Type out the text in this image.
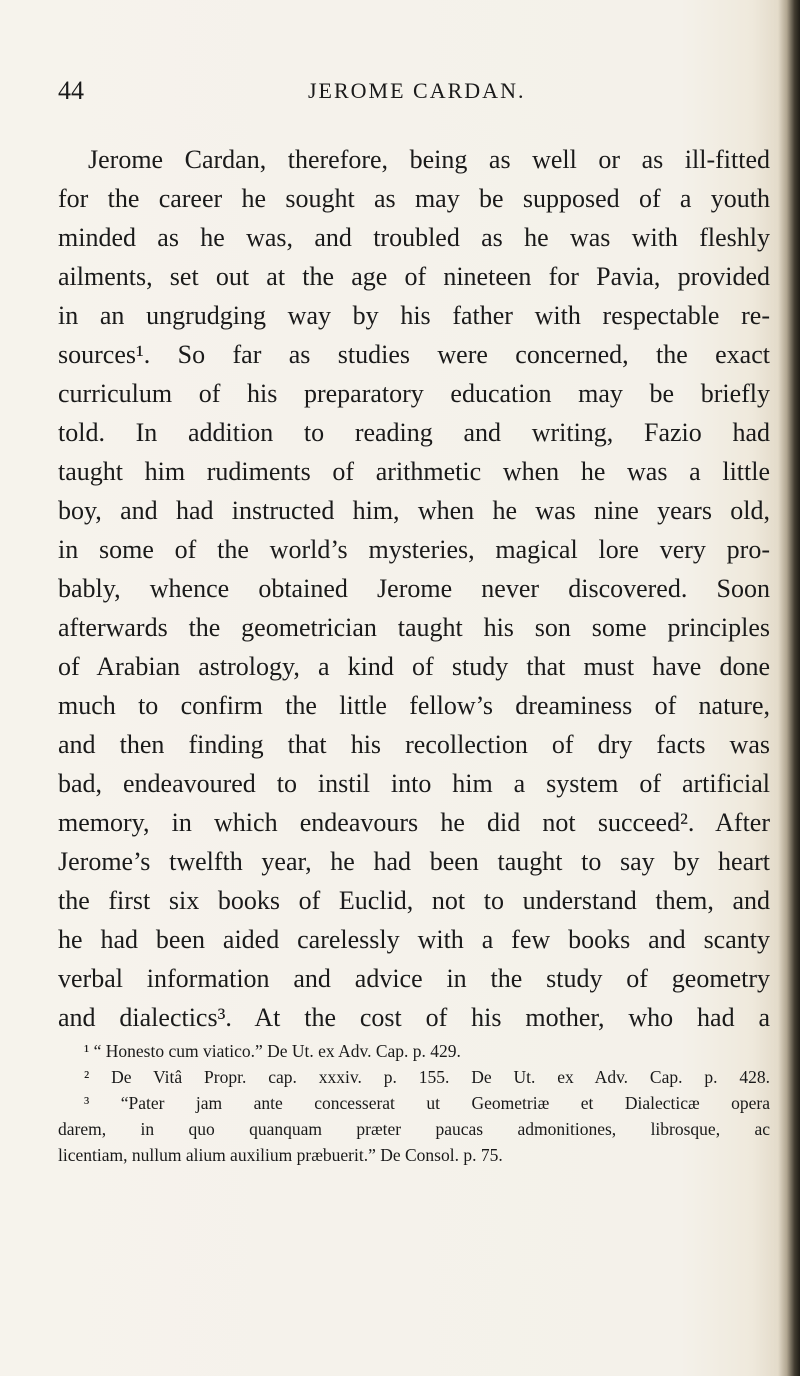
44	JEROME CARDAN.
Jerome Cardan, therefore, being as well or as ill-fitted
for the career he sought as may be supposed of a youth
minded as he was, and troubled as he was with fleshly
ailments, set out at the age of nineteen for Pavia, provided
in an ungrudging way by his father with respectable re-
sources¹. So far as studies were concerned, the exact
curriculum of his preparatory education may be briefly
told. In addition to reading and writing, Fazio had
taught him rudiments of arithmetic when he was a little
boy, and had instructed him, when he was nine years old,
in some of the world’s mysteries, magical lore very pro-
bably, whence obtained Jerome never discovered. Soon
afterwards the geometrician taught his son some principles
of Arabian astrology, a kind of study that must have done
much to confirm the little fellow’s dreaminess of nature,
and then finding that his recollection of dry facts was
bad, endeavoured to instil into him a system of artificial
memory, in which endeavours he did not succeed². After
Jerome’s twelfth year, he had been taught to say by heart
the first six books of Euclid, not to understand them, and
he had been aided carelessly with a few books and scanty
verbal information and advice in the study of geometry
and dialectics³. At the cost of his mother, who had a
¹ “ Honesto cum viatico.” De Ut. ex Adv. Cap. p. 429.
² De Vitâ Propr. cap. xxxiv. p. 155. De Ut. ex Adv. Cap. p. 428.
³ “Pater jam ante concesserat ut Geometriæ et Dialecticæ opera
darem, in quo quanquam præter paucas admonitiones, librosque, ac
licentiam, nullum alium auxilium præbuerit.” De Consol. p. 75.
